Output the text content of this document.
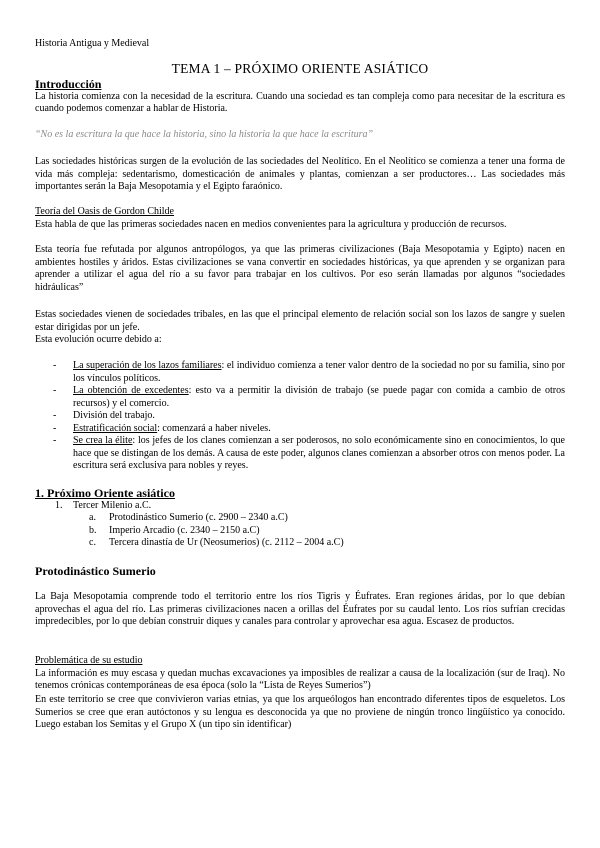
Historia Antigua y Medieval
TEMA 1 – PRÓXIMO ORIENTE ASIÁTICO
Introducción

La historia comienza con la necesidad de la escritura. Cuando una sociedad es tan compleja como para necesitar de la escritura es cuando podemos comenzar a hablar de Historia.

“No es la escritura la que hace la historia, sino la historia la que hace la escritura”

Las sociedades históricas surgen de la evolución de las sociedades del Neolítico. En el Neolítico se comienza a tener una forma de vida más compleja: sedentarismo, domesticación de animales y plantas, comienzan a ser productores… Las sociedades más importantes serán la Baja Mesopotamia y el Egipto faraónico.

Teoría del Oasis de Gordon Childe

Esta habla de que las primeras sociedades nacen en medios convenientes para la agricultura y producción de recursos.

Esta teoría fue refutada por algunos antropólogos, ya que las primeras civilizaciones (Baja Mesopotamia y Egipto) nacen en ambientes hostiles y áridos. Estas civilizaciones se vana convertir en sociedades históricas, ya que aprenden y se organizan para aprender a utilizar el agua del río a su favor para trabajar en los cultivos. Por eso serán llamadas por algunos “sociedades hidráulicas”

Estas sociedades vienen de sociedades tribales, en las que el principal elemento de relación social son los lazos de sangre y suelen estar dirigidas por un jefe.

Esta evolución ocurre debido a:

- La superación de los lazos familiares: el individuo comienza a tener valor dentro de la sociedad no por su familia, sino por los vínculos políticos.
- La obtención de excedentes: esto va a permitir la división de trabajo (se puede pagar con comida a cambio de otros recursos) y el comercio.
- División del trabajo.
- Estratificación social: comenzará a haber niveles.
- Se crea la élite: los jefes de los clanes comienzan a ser poderosos, no solo económicamente sino en conocimientos, lo que hace que se distingan de los demás. A causa de este poder, algunos clanes comienzan a absorber otros con menos poder. La escritura será exclusiva para nobles y reyes.
1. Próximo Oriente asiático
1. Tercer Milenio a.C.
a. Protodinástico Sumerio (c. 2900 – 2340 a.C)
b. Imperio Arcadio (c. 2340 – 2150 a.C)
c. Tercera dinastía de Ur (Neosumerios) (c. 2112 – 2004 a.C)
Protodinástico Sumerio

La Baja Mesopotamia comprende todo el territorio entre los ríos Tigris y Éufrates. Eran regiones áridas, por lo que debían aprovechas el agua del río. Las primeras civilizaciones nacen a orillas del Éufrates por su caudal lento. Los ríos sufrían crecidas impredecibles, por lo que debían construir diques y canales para controlar y aprovechar esa agua. Escasez de productos.

Problemática de su estudio

La información es muy escasa y quedan muchas excavaciones ya imposibles de realizar a causa de la localización (sur de Iraq). No tenemos crónicas contemporáneas de esa época (solo la “Lista de Reyes Sumerios”)

En este territorio se cree que convivieron varias etnias, ya que los arqueólogos han encontrado diferentes tipos de esqueletos. Los Sumerios se cree que eran autóctonos y su lengua es desconocida ya que no proviene de ningún tronco lingüístico ya conocido. Luego estaban los Semitas y el Grupo X (un tipo sin identificar)
